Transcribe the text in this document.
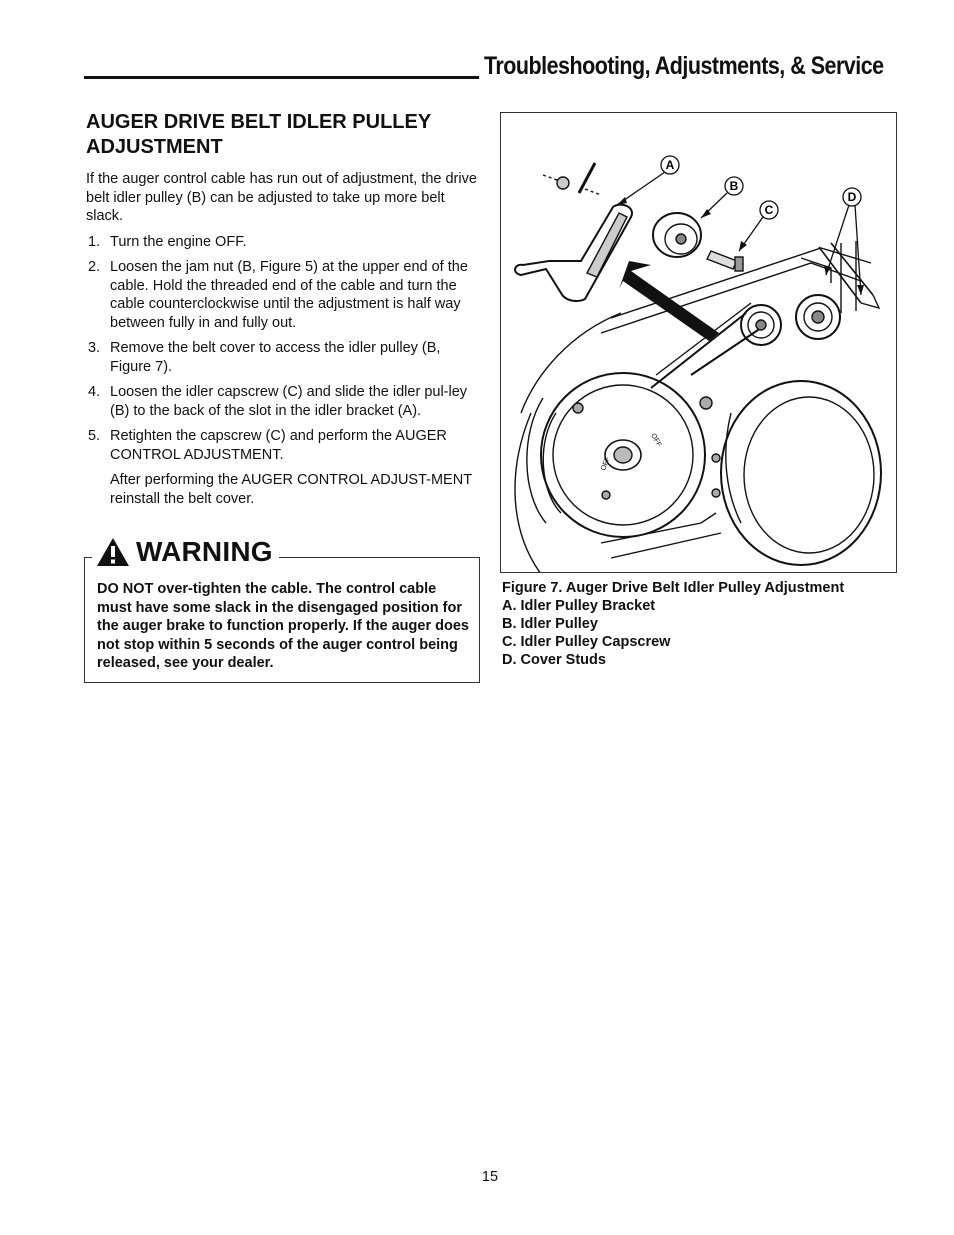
Troubleshooting, Adjustments, & Service
AUGER DRIVE BELT IDLER PULLEY
ADJUSTMENT

If the auger control cable has run out of adjustment, the drive belt idler pulley (B) can be adjusted to take up more belt slack.

1. Turn the engine OFF.
2. Loosen the jam nut (B, Figure 5) at the upper end of the cable. Hold the threaded end of the cable and turn the cable counterclockwise until the adjustment is half way between fully in and fully out.
3. Remove the belt cover to access the idler pulley (B, Figure 7).
4. Loosen the idler capscrew (C) and slide the idler pul-ley (B) to the back of the slot in the idler bracket (A).
5. Retighten the capscrew (C) and perform the AUGER CONTROL ADJUSTMENT.

After performing the AUGER CONTROL ADJUST-MENT reinstall the belt cover.

WARNING
DO NOT over-tighten the cable. The control cable must have some slack in the disengaged position for the auger brake to function properly. If the auger does not stop within 5 seconds of the auger control being released, see your dealer.
A
B
C
D
OFF
OFF
Figure 7. Auger Drive Belt Idler Pulley Adjustment
A. Idler Pulley Bracket
B. Idler Pulley
C. Idler Pulley Capscrew
D. Cover Studs
15
